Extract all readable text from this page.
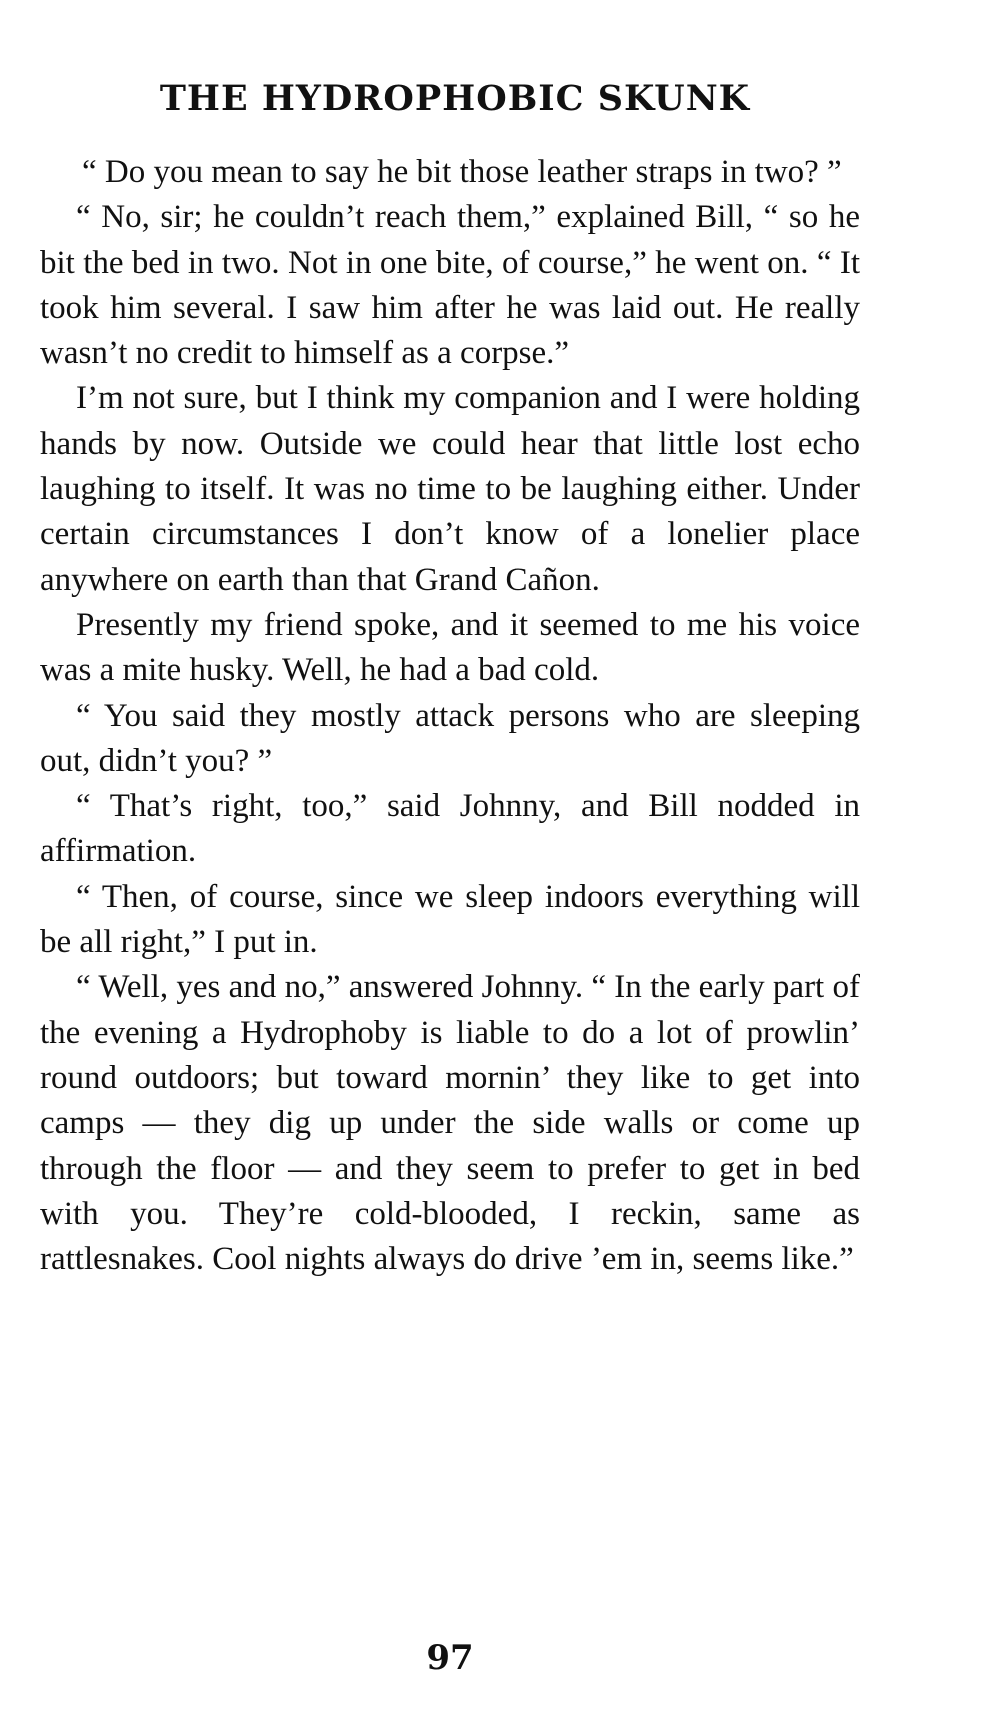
THE HYDROPHOBIC SKUNK

“ Do you mean to say he bit those leather straps in two? ”

“ No, sir; he couldn’t reach them,” explained Bill, “ so he bit the bed in two. Not in one bite, of course,” he went on. “ It took him several. I saw him after he was laid out. He really wasn’t no credit to himself as a corpse.”

I’m not sure, but I think my companion and I were holding hands by now. Outside we could hear that little lost echo laughing to itself. It was no time to be laughing either. Under certain circumstances I don’t know of a lonelier place anywhere on earth than that Grand Cañon.

Presently my friend spoke, and it seemed to me his voice was a mite husky. Well, he had a bad cold.

“ You said they mostly attack persons who are sleeping out, didn’t you? ”

“ That’s right, too,” said Johnny, and Bill nodded in affirmation.

“ Then, of course, since we sleep indoors everything will be all right,” I put in.

“ Well, yes and no,” answered Johnny. “ In the early part of the evening a Hydrophoby is liable to do a lot of prowlin’ round outdoors; but toward mornin’ they like to get into camps — they dig up under the side walls or come up through the floor — and they seem to prefer to get in bed with you. They’re cold-blooded, I reckin, same as rattlesnakes. Cool nights always do drive ’em in, seems like.”

97
